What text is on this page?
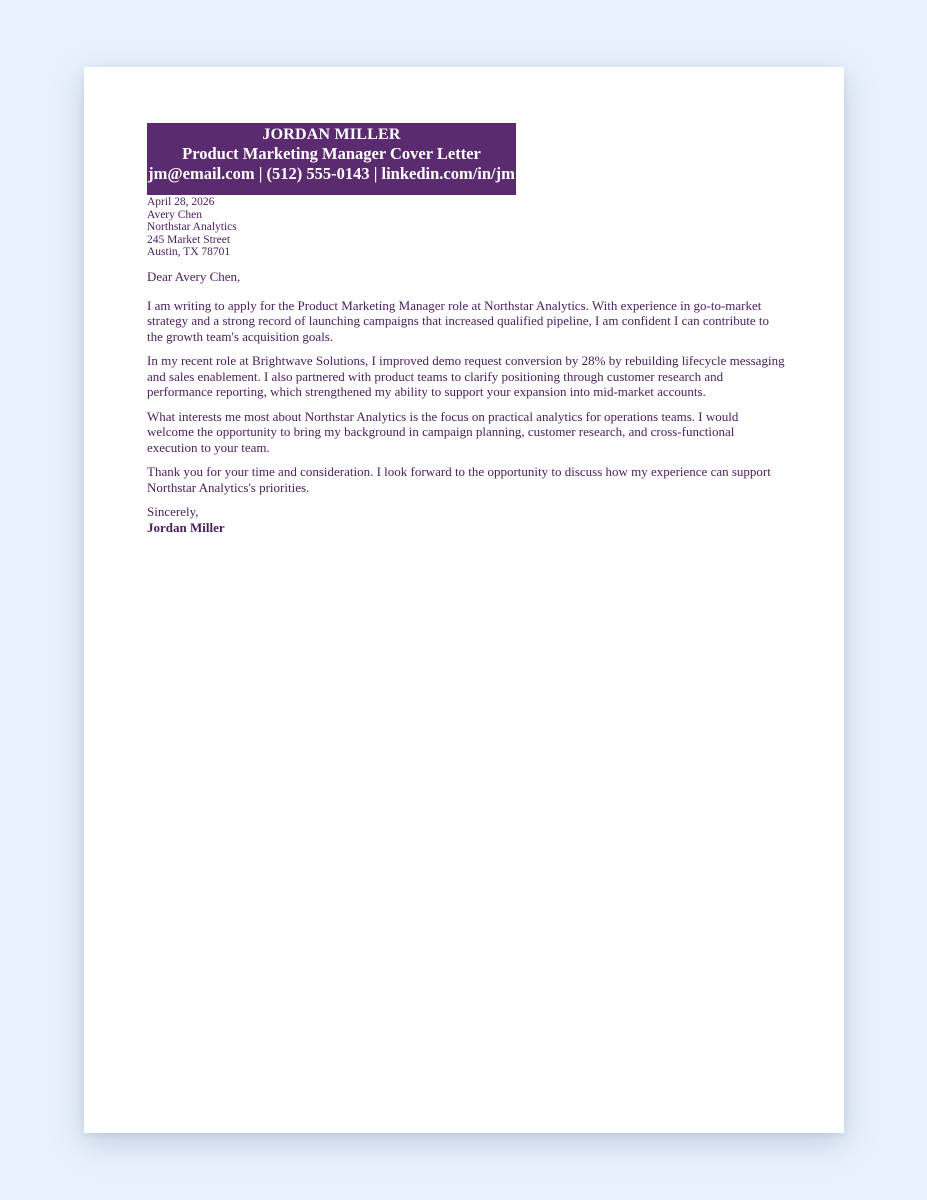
JORDAN MILLER
Product Marketing Manager Cover Letter
jm@email.com | (512) 555-0143 | linkedin.com/in/jm
April 28, 2026
Avery Chen
Northstar Analytics
245 Market Street
Austin, TX 78701
Dear Avery Chen,

I am writing to apply for the Product Marketing Manager role at Northstar Analytics. With experience in go-to-market strategy and a strong record of launching campaigns that increased qualified pipeline, I am confident I can contribute to the growth team's acquisition goals.

In my recent role at Brightwave Solutions, I improved demo request conversion by 28% by rebuilding lifecycle messaging and sales enablement. I also partnered with product teams to clarify positioning through customer research and performance reporting, which strengthened my ability to support your expansion into mid-market accounts.

What interests me most about Northstar Analytics is the focus on practical analytics for operations teams. I would welcome the opportunity to bring my background in campaign planning, customer research, and cross-functional execution to your team.

Thank you for your time and consideration. I look forward to the opportunity to discuss how my experience can support Northstar Analytics's priorities.

Sincerely,
Jordan Miller
